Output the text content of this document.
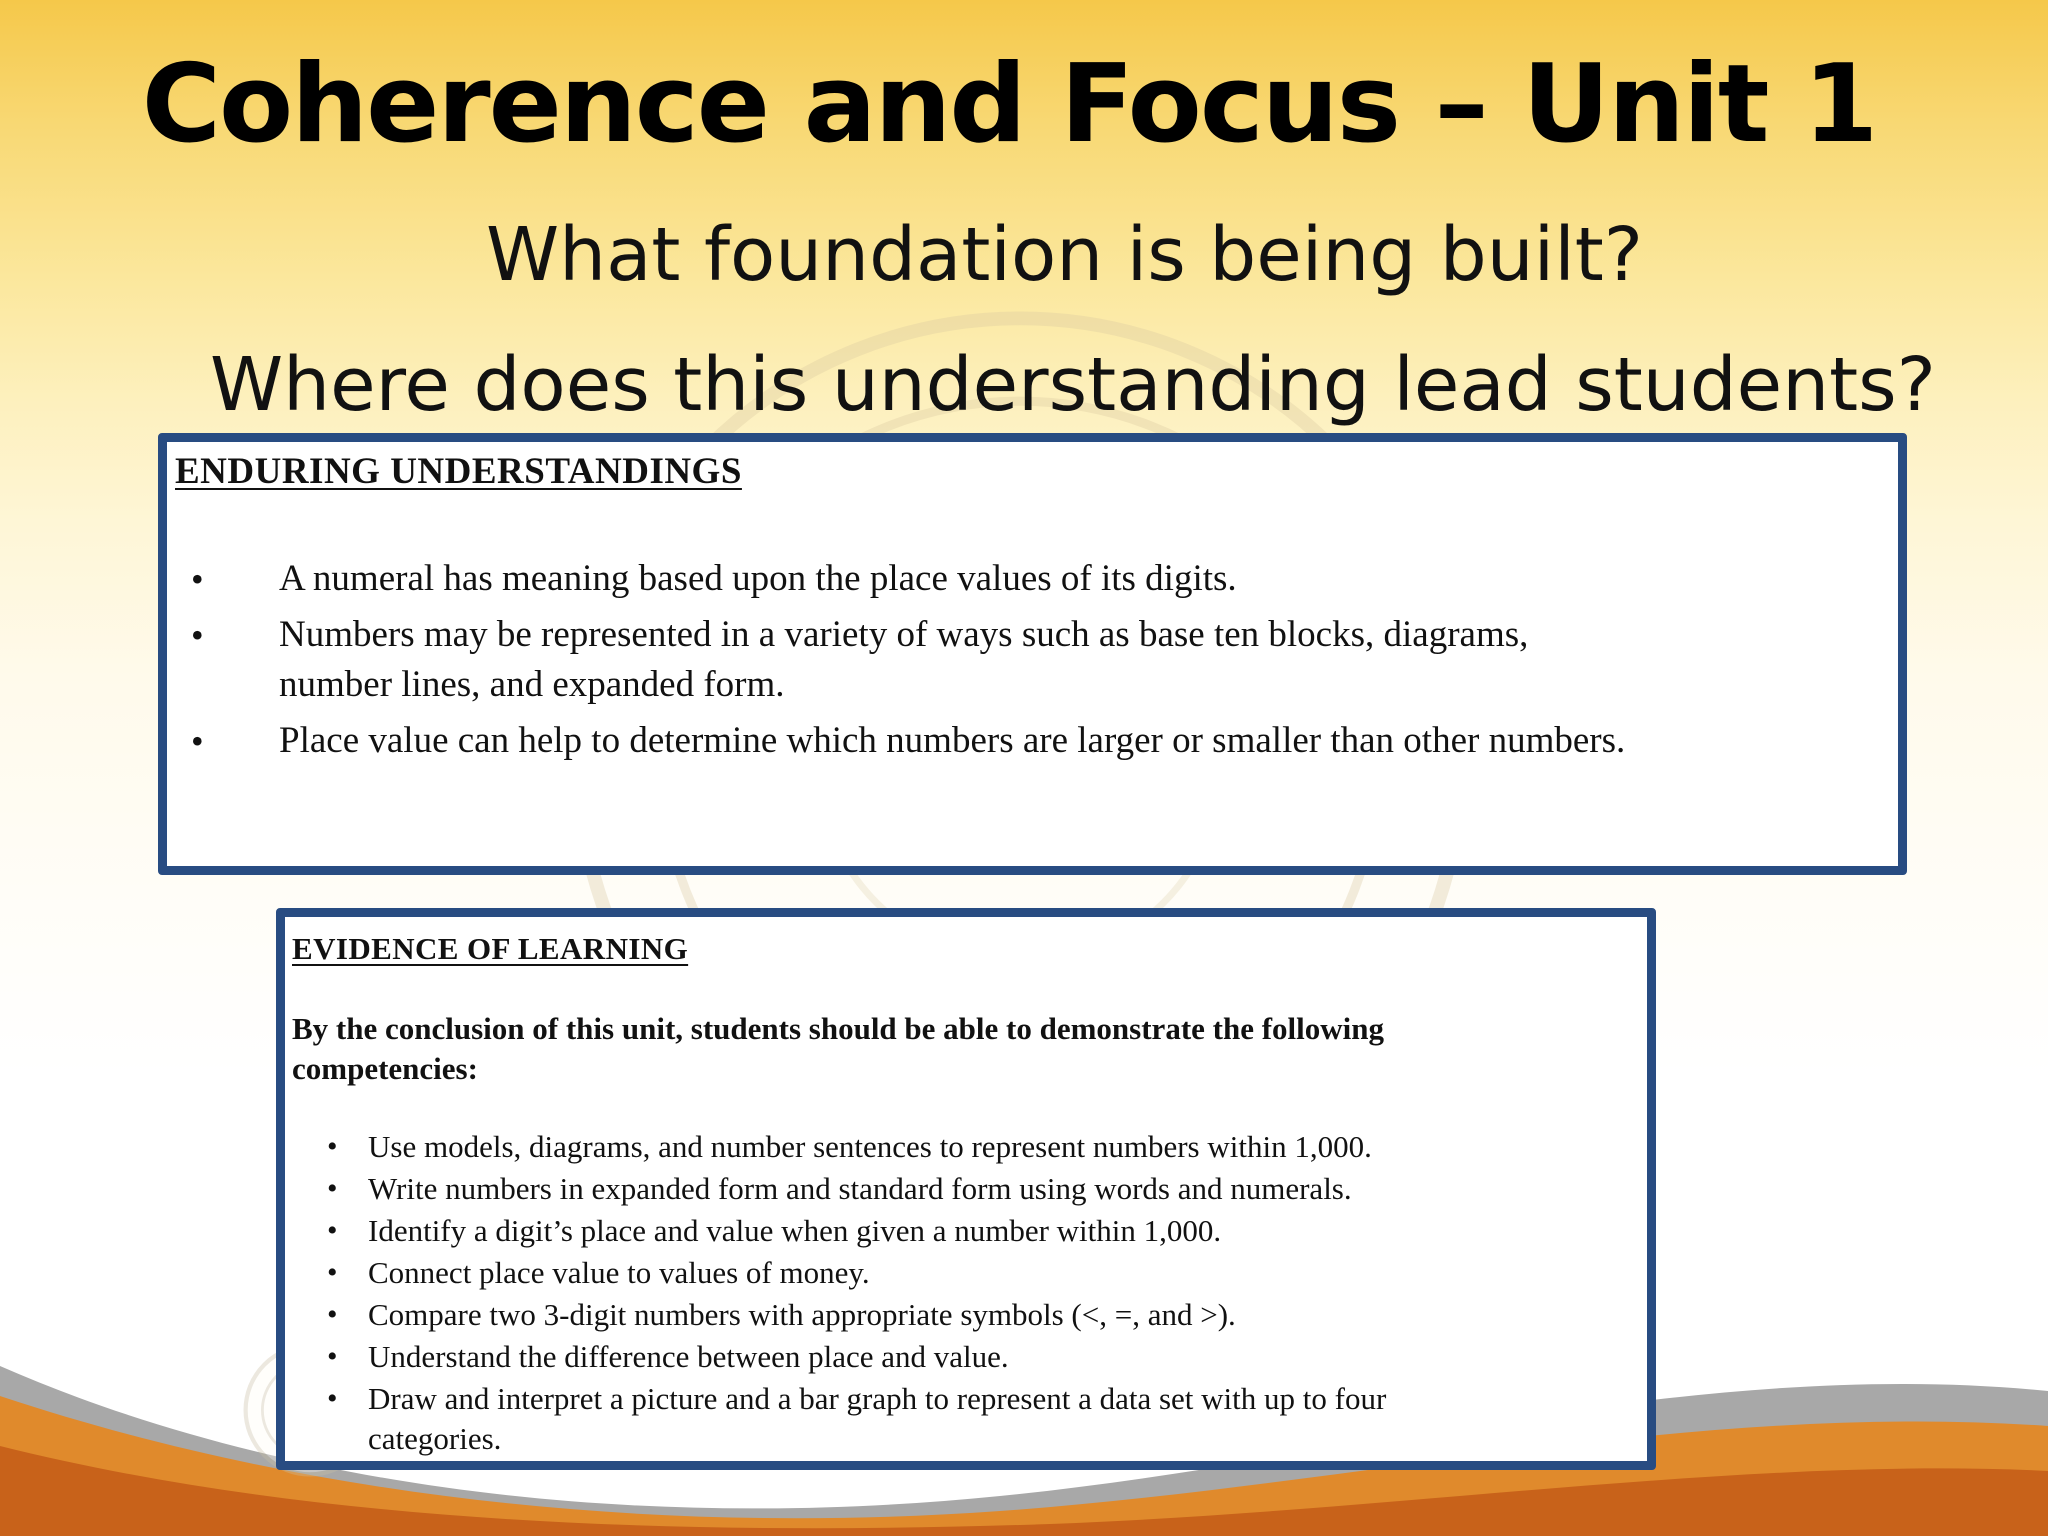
Coherence and Focus – Unit 1
What foundation is being built?
Where does this understanding lead students?
ENDURING UNDERSTANDINGS
• A numeral has meaning based upon the place values of its digits.
• Numbers may be represented in a variety of ways such as base ten blocks, diagrams,
number lines, and expanded form.
• Place value can help to determine which numbers are larger or smaller than other numbers.
EVIDENCE OF LEARNING
By the conclusion of this unit, students should be able to demonstrate the following
competencies:
• Use models, diagrams, and number sentences to represent numbers within 1,000.
• Write numbers in expanded form and standard form using words and numerals.
• Identify a digit’s place and value when given a number within 1,000.
• Connect place value to values of money.
• Compare two 3-digit numbers with appropriate symbols (<, =, and >).
• Understand the difference between place and value.
• Draw and interpret a picture and a bar graph to represent a data set with up to four
categories.
